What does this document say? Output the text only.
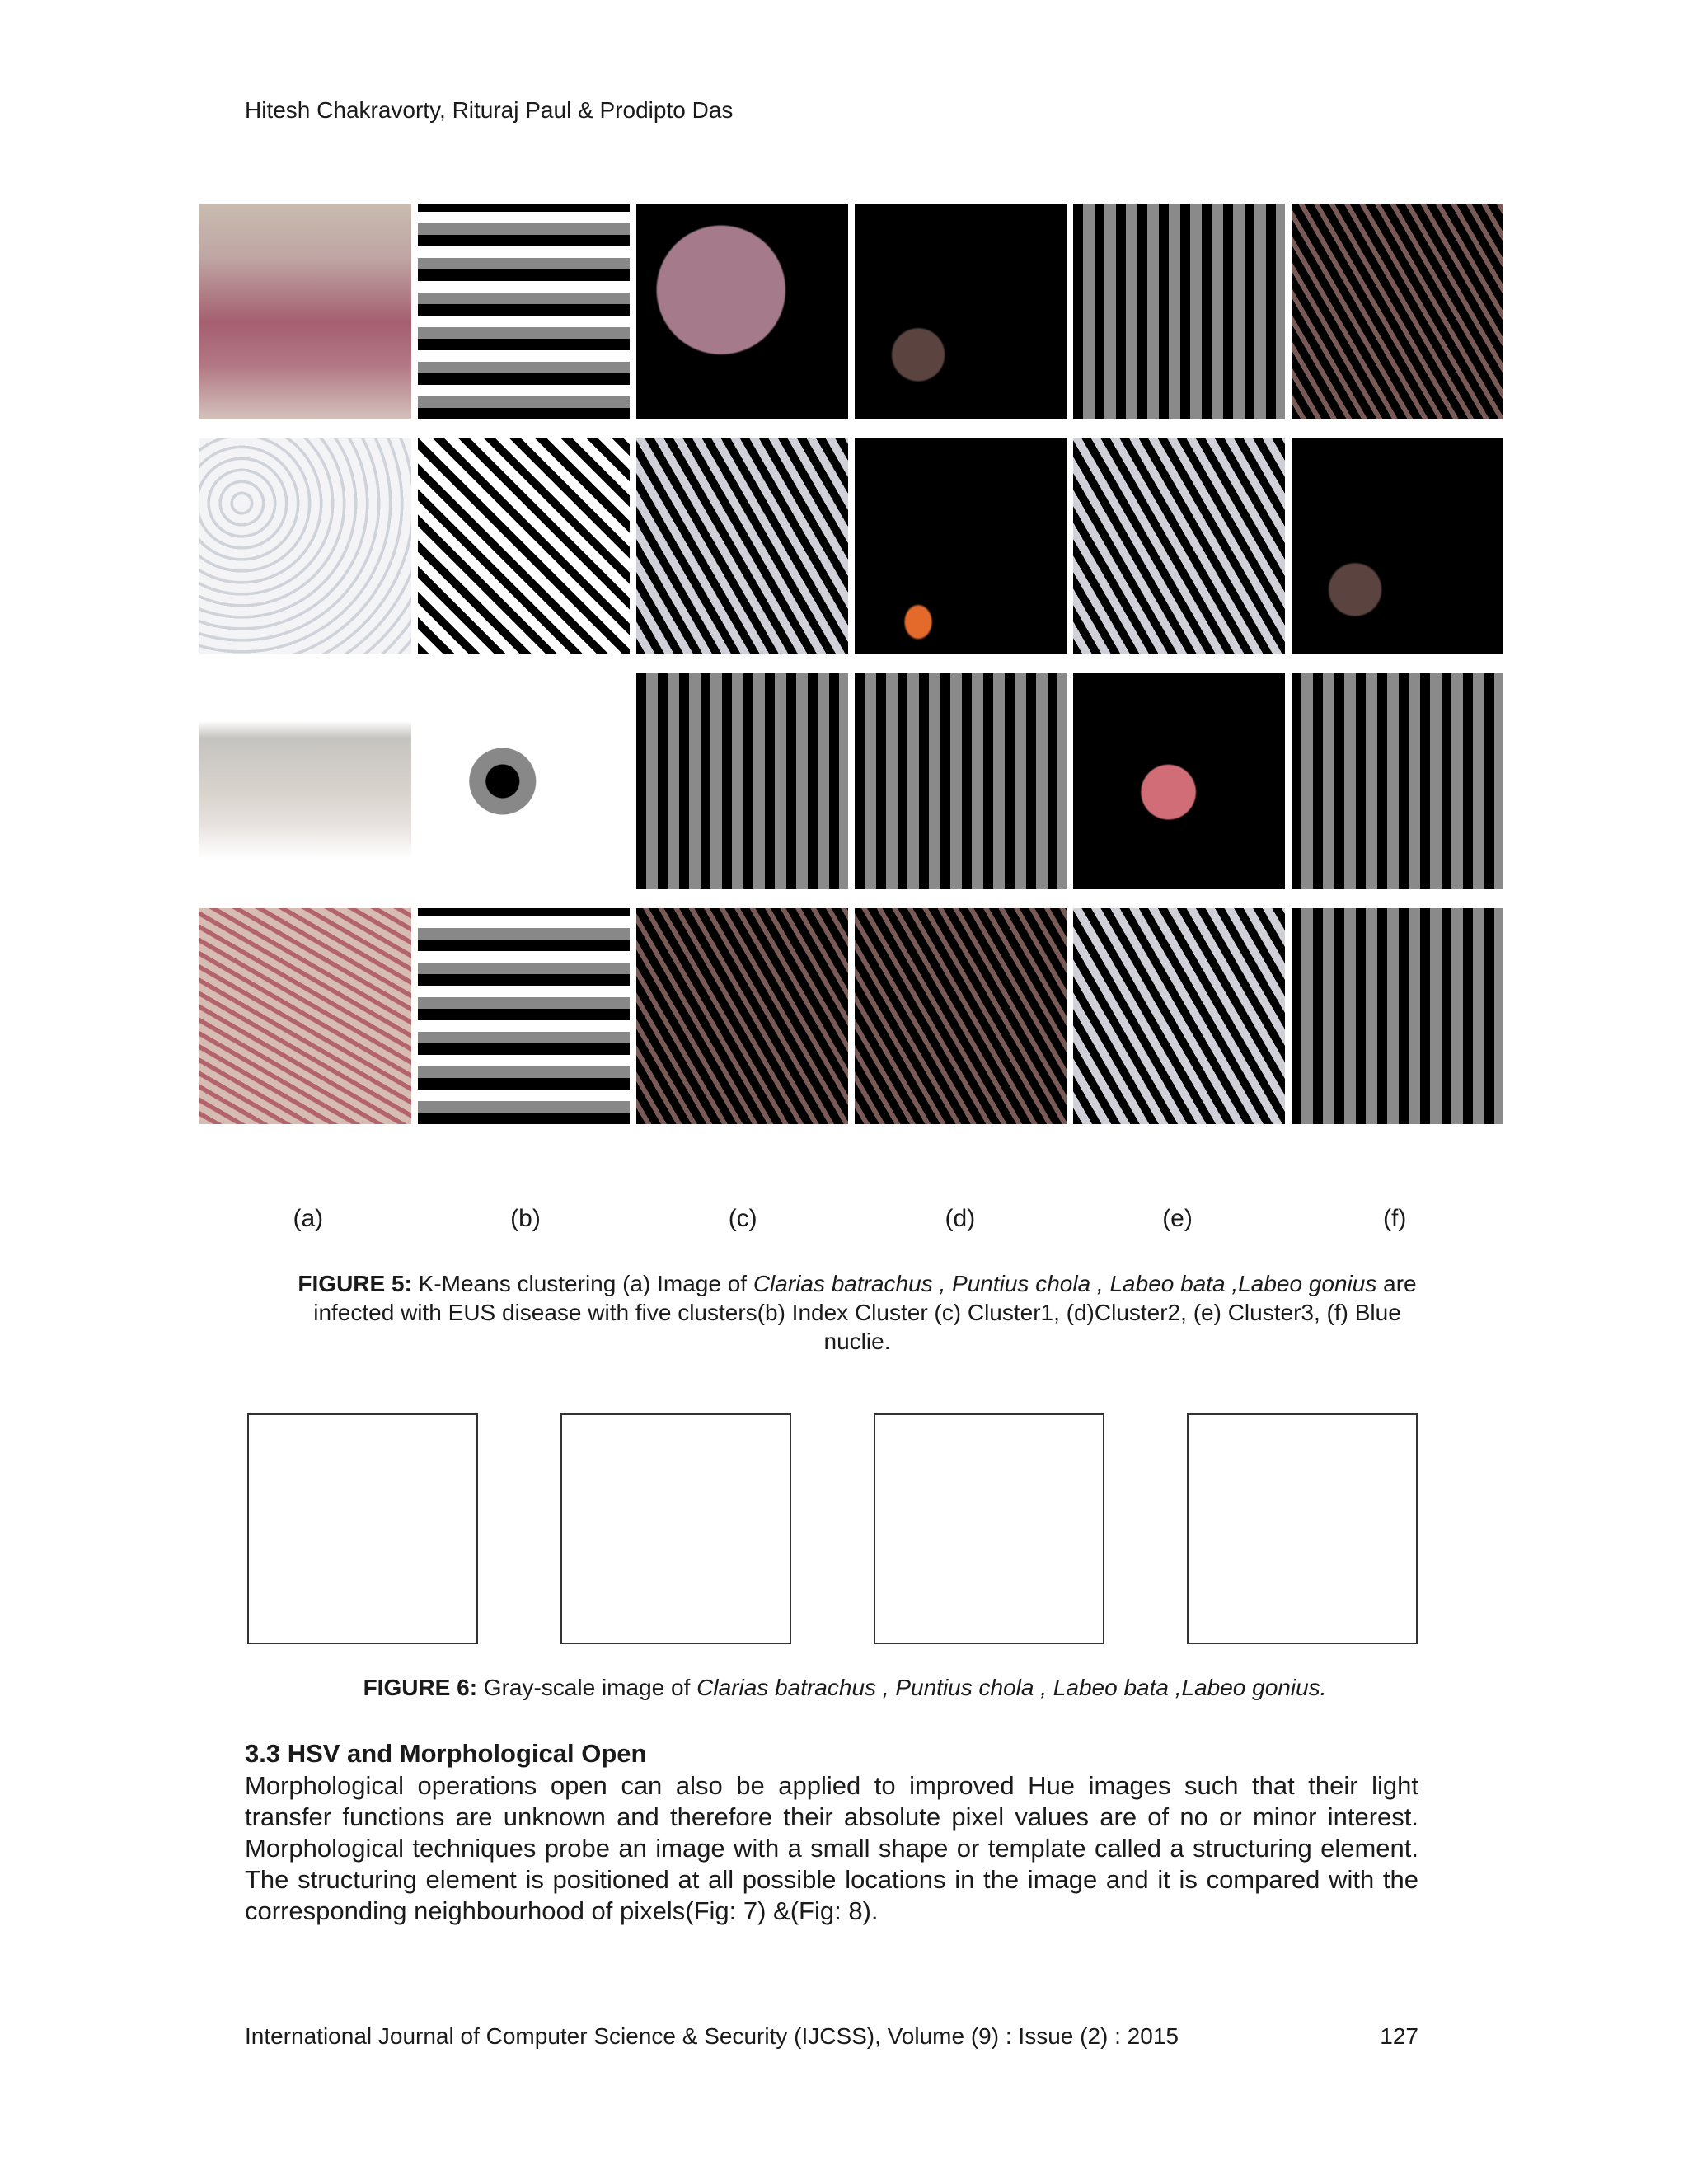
Hitesh Chakravorty, Rituraj Paul & Prodipto Das
(a)	(b)	(c)	(d)	(e)	(f)
FIGURE 5: K-Means clustering (a) Image of Clarias batrachus , Puntius chola , Labeo bata ,Labeo gonius are infected with EUS disease with five clusters(b) Index Cluster (c) Cluster1, (d)Cluster2, (e) Cluster3, (f) Blue nuclie.
FIGURE 6: Gray-scale image of Clarias batrachus , Puntius chola , Labeo bata ,Labeo gonius.
3.3 HSV and Morphological Open
Morphological operations open can also be applied to improved Hue images such that their light transfer functions are unknown and therefore their absolute pixel values are of no or minor interest. Morphological techniques probe an image with a small shape or template called a structuring element. The structuring element is positioned at all possible locations in the image and it is compared with the corresponding neighbourhood of pixels(Fig: 7) &(Fig: 8).
International Journal of Computer Science & Security (IJCSS), Volume (9) : Issue (2) : 2015	127
